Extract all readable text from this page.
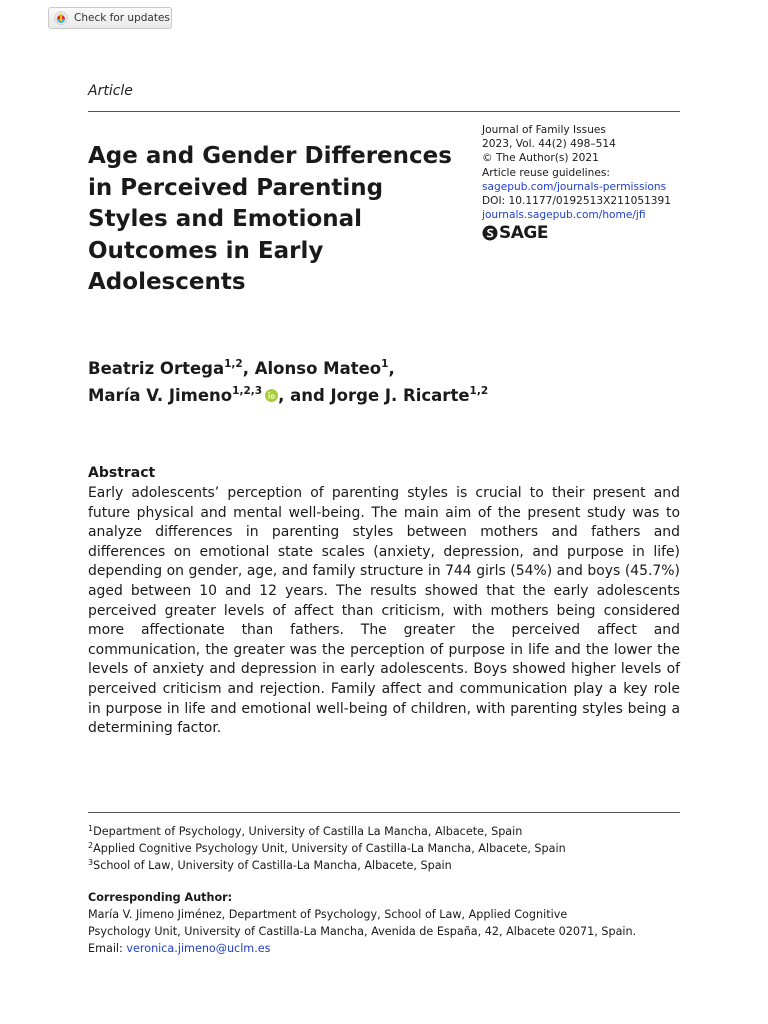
Check for updates
Article
Age and Gender Differences in Perceived Parenting Styles and Emotional Outcomes in Early Adolescents
Journal of Family Issues
2023, Vol. 44(2) 498–514
© The Author(s) 2021
Article reuse guidelines:
sagepub.com/journals-permissions
DOI: 10.1177/0192513X211051391
journals.sagepub.com/home/jfi
SAGE
Beatriz Ortega$^{1,2}$, Alonso Mateo$^1$,
María V. Jimeno$^{1,2,3}$ , and Jorge J. Ricarte$^{1,2}$
Abstract

Early adolescents’ perception of parenting styles is crucial to their present and future physical and mental well-being. The main aim of the present study was to analyze differences in parenting styles between mothers and fathers and differences on emotional state scales (anxiety, depression, and purpose in life) depending on gender, age, and family structure in 744 girls (54%) and boys (45.7%) aged between 10 and 12 years. The results showed that the early adolescents perceived greater levels of affect than criticism, with mothers being considered more affectionate than fathers. The greater the perceived affect and communication, the greater was the perception of purpose in life and the lower the levels of anxiety and depression in early adolescents. Boys showed higher levels of perceived criticism and rejection. Family affect and communication play a key role in purpose in life and emotional well-being of children, with parenting styles being a determining factor.

$^1$Department of Psychology, University of Castilla La Mancha, Albacete, Spain
$^2$Applied Cognitive Psychology Unit, University of Castilla-La Mancha, Albacete, Spain
$^3$School of Law, University of Castilla-La Mancha, Albacete, Spain
Corresponding Author:
María V. Jimeno Jiménez, Department of Psychology, School of Law, Applied Cognitive
Psychology Unit, University of Castilla-La Mancha, Avenida de España, 42, Albacete 02071, Spain.
Email: veronica.jimeno@uclm.es
